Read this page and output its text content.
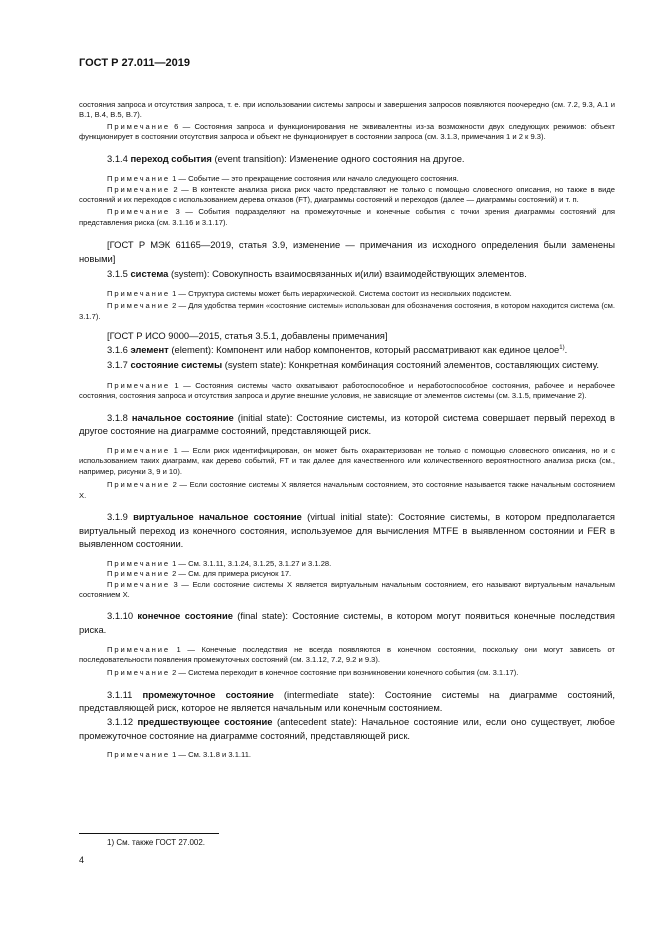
ГОСТ Р 27.011—2019

состояния запроса и отсутствия запроса, т. е. при использовании системы запросы и завершения запросов появляются поочередно (см. 7.2, 9.3, А.1 и В.1, В.4, В.5, В.7).

Примечание 6 — Состояния запроса и функционирования не эквивалентны из-за возможности двух следующих режимов: объект функционирует в состоянии отсутствия запроса и объект не функционирует в состоянии запроса (см. 3.1.3, примечания 1 и 2 к 9.3).

3.1.4 переход события (event transition): Изменение одного состояния на другое.

Примечание 1 — Событие — это прекращение состояния или начало следующего состояния.

Примечание 2 — В контексте анализа риска риск часто представляют не только с помощью словесного описания, но также в виде состояний и их переходов с использованием дерева отказов (FT), диаграммы состояний и переходов (далее — диаграммы состояний) и т. п.

Примечание 3 — События подразделяют на промежуточные и конечные события с точки зрения диаграммы состояний для представления риска (см. 3.1.16 и 3.1.17).

[ГОСТ Р МЭК 61165—2019, статья 3.9, изменение — примечания из исходного определения были заменены новыми]

3.1.5 система (system): Совокупность взаимосвязанных и(или) взаимодействующих элементов.

Примечание 1 — Структура системы может быть иерархической. Система состоит из нескольких подсистем.

Примечание 2 — Для удобства термин «состояние системы» использован для обозначения состояния, в котором находится система (см. 3.1.7).

[ГОСТ Р ИСО 9000—2015, статья 3.5.1, добавлены примечания]

3.1.6 элемент (element): Компонент или набор компонентов, который рассматривают как единое целое$^{1)}$.

3.1.7 состояние системы (system state): Конкретная комбинация состояний элементов, составляющих систему.

Примечание 1 — Состояния системы часто охватывают работоспособное и неработоспособное состояния, рабочее и нерабочее состояния, состояния запроса и отсутствия запроса и другие внешние условия, не зависящие от элементов системы (см. 3.1.5, примечание 2).

3.1.8 начальное состояние (initial state): Состояние системы, из которой система совершает первый переход в другое состояние на диаграмме состояний, представляющей риск.

Примечание 1 — Если риск идентифицирован, он может быть охарактеризован не только с помощью словесного описания, но и с использованием таких диаграмм, как дерево событий, FT и так далее для качественного или количественного вероятностного анализа риска (см., например, рисунки 3, 9 и 10).

Примечание 2 — Если состояние системы X является начальным состоянием, это состояние называется также начальным состоянием X.

3.1.9 виртуальное начальное состояние (virtual initial state): Состояние системы, в котором предполагается виртуальный переход из конечного состояния, используемое для вычисления MTFE в выявленном состоянии и FER в выявленном состоянии.

Примечание 1 — См. 3.1.11, 3.1.24, 3.1.25, 3.1.27 и 3.1.28.

Примечание 2 — См. для примера рисунок 17.

Примечание 3 — Если состояние системы X является виртуальным начальным состоянием, его называют виртуальным начальным состоянием X.

3.1.10 конечное состояние (final state): Состояние системы, в котором могут появиться конечные последствия риска.

Примечание 1 — Конечные последствия не всегда появляются в конечном состоянии, поскольку они могут зависеть от последовательности появления промежуточных состояний (см. 3.1.12, 7.2, 9.2 и 9.3).

Примечание 2 — Система переходит в конечное состояние при возникновении конечного события (см. 3.1.17).

3.1.11 промежуточное состояние (intermediate state): Состояние системы на диаграмме состояний, представляющей риск, которое не является начальным или конечным состоянием.

3.1.12 предшествующее состояние (antecedent state): Начальное состояние или, если оно существует, любое промежуточное состояние на диаграмме состояний, представляющей риск.

Примечание 1 — См. 3.1.8 и 3.1.11.

1) См. также ГОСТ 27.002.
4
